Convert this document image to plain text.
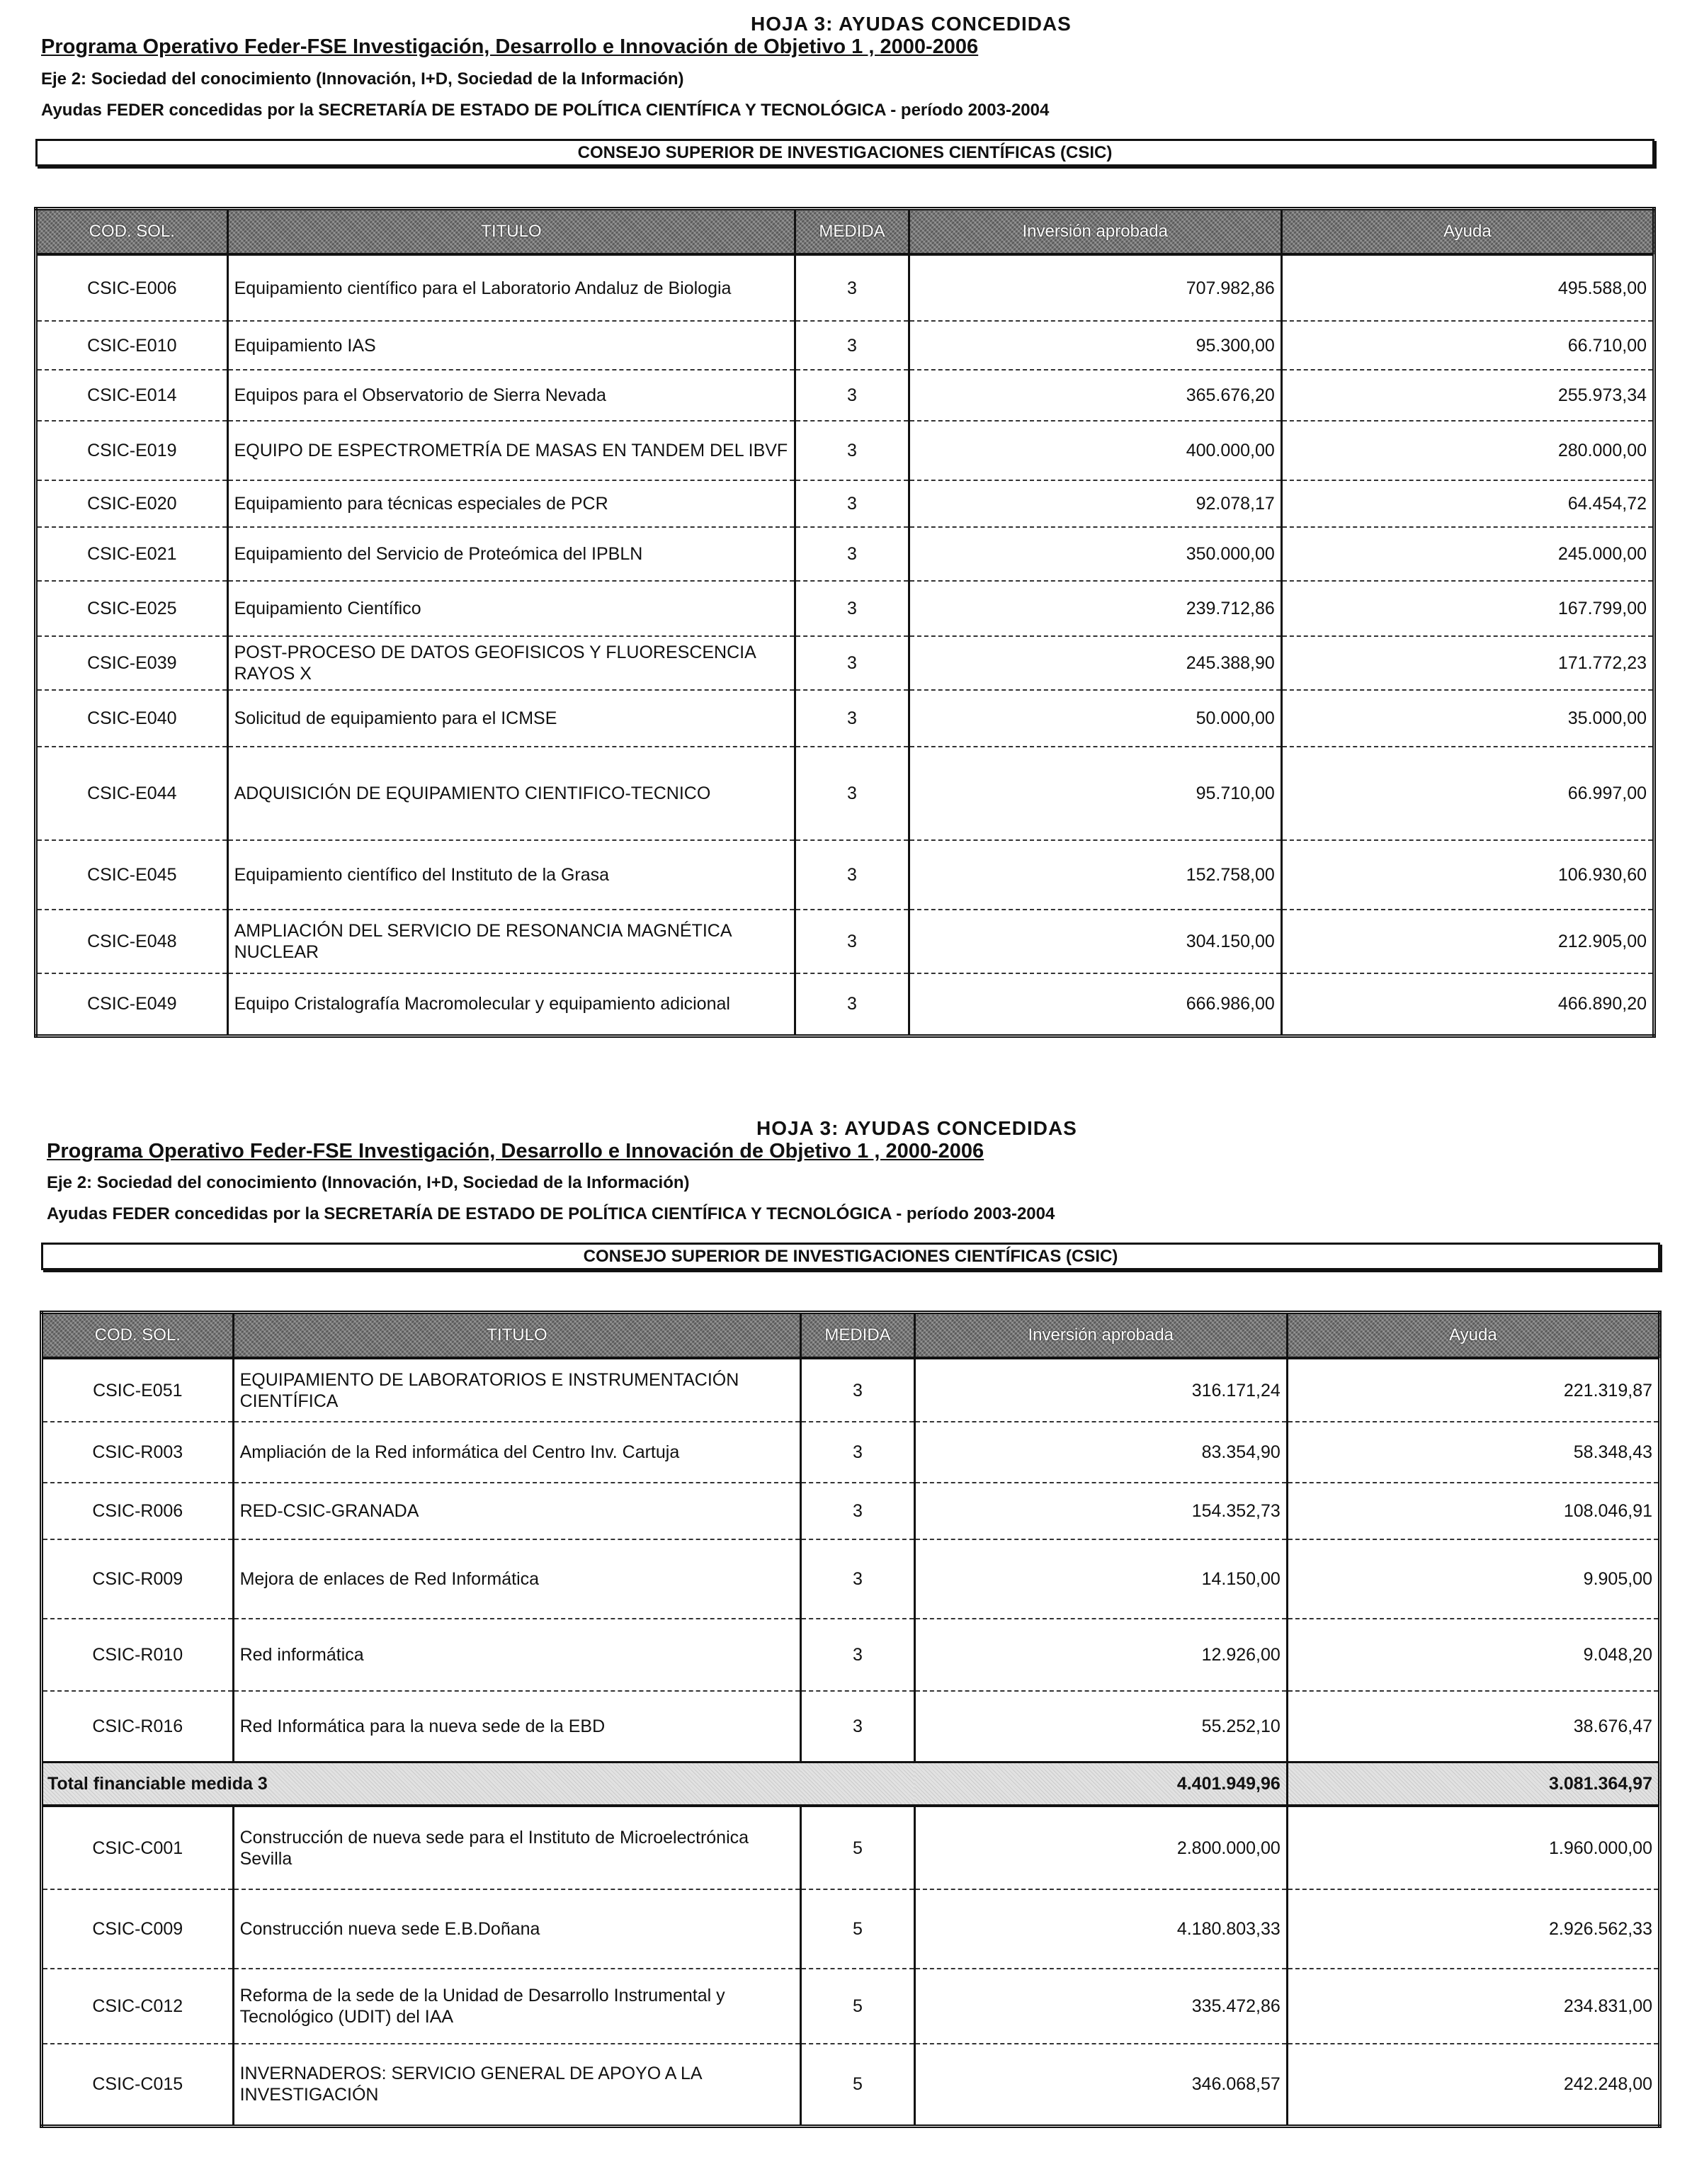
HOJA 3: AYUDAS CONCEDIDAS
Programa Operativo Feder-FSE Investigación, Desarrollo e Innovación de Objetivo 1 , 2000-2006
Eje 2: Sociedad del conocimiento (Innovación, I+D, Sociedad de la Información)
Ayudas FEDER concedidas por la SECRETARÍA DE ESTADO DE POLÍTICA CIENTÍFICA Y TECNOLÓGICA - período 2003-2004
CONSEJO SUPERIOR DE INVESTIGACIONES CIENTÍFICAS (CSIC)
COD. SOL.	TITULO	MEDIDA	Inversión aprobada	Ayuda
CSIC-E006	Equipamiento científico para el Laboratorio Andaluz de Biologia	3	707.982,86	495.588,00
CSIC-E010	Equipamiento IAS	3	95.300,00	66.710,00
CSIC-E014	Equipos para el Observatorio de Sierra Nevada	3	365.676,20	255.973,34
CSIC-E019	EQUIPO DE ESPECTROMETRÍA DE MASAS EN TANDEM DEL IBVF	3	400.000,00	280.000,00
CSIC-E020	Equipamiento para técnicas especiales de PCR	3	92.078,17	64.454,72
CSIC-E021	Equipamiento del Servicio de Proteómica del IPBLN	3	350.000,00	245.000,00
CSIC-E025	Equipamiento Científico	3	239.712,86	167.799,00
CSIC-E039	POST-PROCESO DE DATOS GEOFISICOS Y FLUORESCENCIA RAYOS X	3	245.388,90	171.772,23
CSIC-E040	Solicitud de equipamiento para el ICMSE	3	50.000,00	35.000,00
CSIC-E044	ADQUISICIÓN DE EQUIPAMIENTO CIENTIFICO-TECNICO	3	95.710,00	66.997,00
CSIC-E045	Equipamiento científico del Instituto de la Grasa	3	152.758,00	106.930,60
CSIC-E048	AMPLIACIÓN DEL SERVICIO DE RESONANCIA MAGNÉTICA NUCLEAR	3	304.150,00	212.905,00
CSIC-E049	Equipo Cristalografía Macromolecular y equipamiento adicional	3	666.986,00	466.890,20
HOJA 3: AYUDAS CONCEDIDAS
Programa Operativo Feder-FSE Investigación, Desarrollo e Innovación de Objetivo 1 , 2000-2006
Eje 2: Sociedad del conocimiento (Innovación, I+D, Sociedad de la Información)
Ayudas FEDER concedidas por la SECRETARÍA DE ESTADO DE POLÍTICA CIENTÍFICA Y TECNOLÓGICA - período 2003-2004
CONSEJO SUPERIOR DE INVESTIGACIONES CIENTÍFICAS (CSIC)
COD. SOL.	TITULO	MEDIDA	Inversión aprobada	Ayuda
CSIC-E051	EQUIPAMIENTO DE LABORATORIOS E INSTRUMENTACIÓN CIENTÍFICA	3	316.171,24	221.319,87
CSIC-R003	Ampliación de la Red informática del Centro Inv. Cartuja	3	83.354,90	58.348,43
CSIC-R006	RED-CSIC-GRANADA	3	154.352,73	108.046,91
CSIC-R009	Mejora de enlaces de Red Informática	3	14.150,00	9.905,00
CSIC-R010	Red informática	3	12.926,00	9.048,20
CSIC-R016	Red Informática para la nueva sede de la EBD	3	55.252,10	38.676,47
Total financiable medida 3			4.401.949,96	3.081.364,97
CSIC-C001	Construcción de nueva sede para el Instituto de Microelectrónica Sevilla	5	2.800.000,00	1.960.000,00
CSIC-C009	Construcción nueva sede E.B.Doñana	5	4.180.803,33	2.926.562,33
CSIC-C012	Reforma de la sede de la Unidad de Desarrollo Instrumental y Tecnológico (UDIT) del IAA	5	335.472,86	234.831,00
CSIC-C015	INVERNADEROS: SERVICIO GENERAL DE APOYO A LA INVESTIGACIÓN	5	346.068,57	242.248,00
